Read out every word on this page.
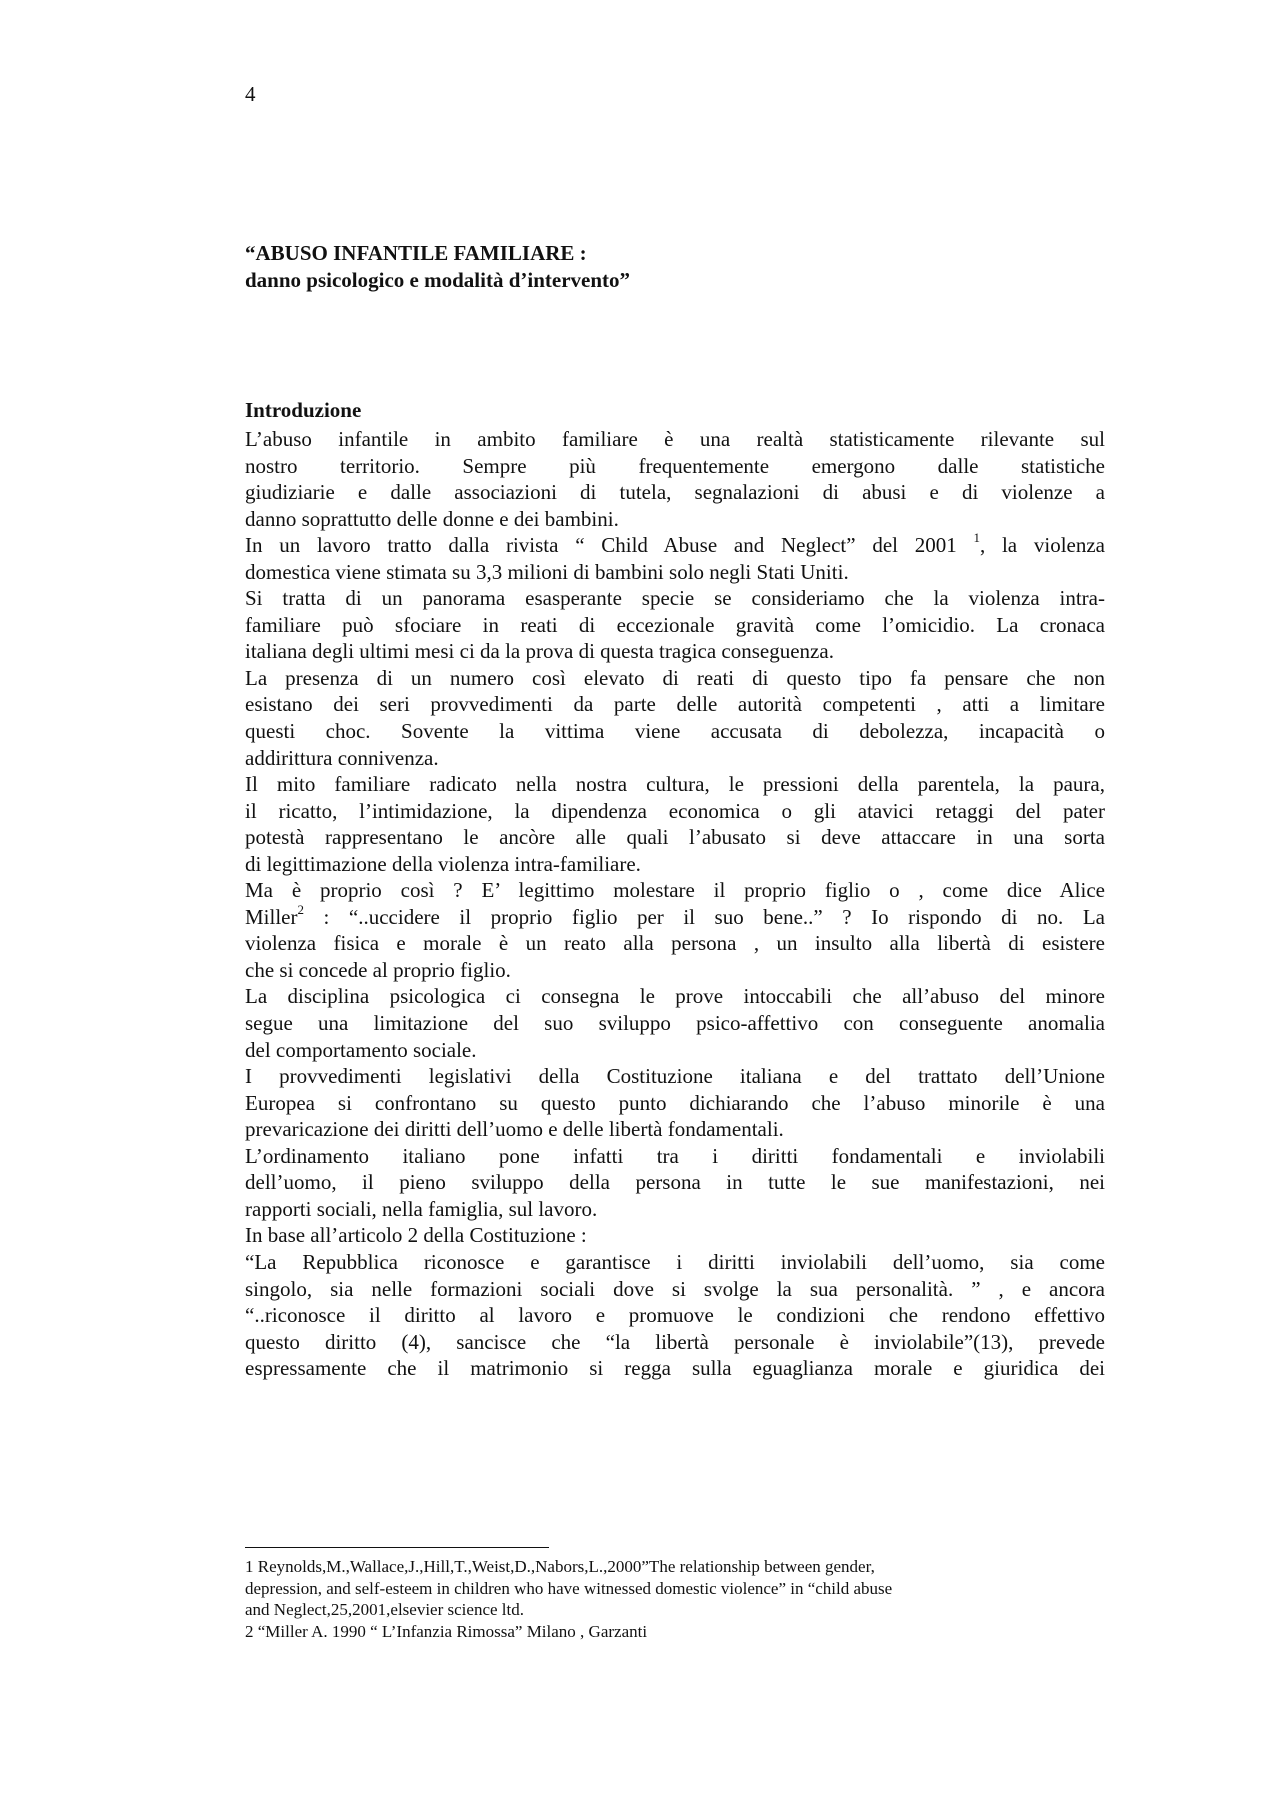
4
“ABUSO INFANTILE FAMILIARE :
danno psicologico e modalità d’intervento”
Introduzione
L’abuso infantile in ambito familiare è una realtà statisticamente rilevante sul
nostro territorio. Sempre più frequentemente emergono dalle statistiche
giudiziarie e dalle associazioni di tutela, segnalazioni di abusi e di violenze a
danno soprattutto delle donne e dei bambini.
In un lavoro tratto dalla rivista “ Child Abuse and Neglect” del 2001 $^1$, la violenza
domestica viene stimata su 3,3 milioni di bambini solo negli Stati Uniti.
Si tratta di un panorama esasperante specie se consideriamo che la violenza intra-
familiare può sfociare in reati di eccezionale gravità come l’omicidio. La cronaca
italiana degli ultimi mesi ci da la prova di questa tragica conseguenza.
La presenza di un numero così elevato di reati di questo tipo fa pensare che non
esistano dei seri provvedimenti da parte delle autorità competenti , atti a limitare
questi choc. Sovente la vittima viene accusata di debolezza, incapacità o
addirittura connivenza.
Il mito familiare radicato nella nostra cultura, le pressioni della parentela, la paura,
il ricatto, l’intimidazione, la dipendenza economica o gli atavici retaggi del pater
potestà rappresentano le ancòre alle quali l’abusato si deve attaccare in una sorta
di legittimazione della violenza intra-familiare.
Ma è proprio così ? E’ legittimo molestare il proprio figlio o , come dice Alice
Miller$^2$ : “..uccidere il proprio figlio per il suo bene..” ? Io rispondo di no. La
violenza fisica e morale è un reato alla persona , un insulto alla libertà di esistere
che si concede al proprio figlio.
La disciplina psicologica ci consegna le prove intoccabili che all’abuso del minore
segue una limitazione del suo sviluppo psico-affettivo con conseguente anomalia
del comportamento sociale.
I provvedimenti legislativi della Costituzione italiana e del trattato dell’Unione
Europea si confrontano su questo punto dichiarando che l’abuso minorile è una
prevaricazione dei diritti dell’uomo e delle libertà fondamentali.
L’ordinamento italiano pone infatti tra i diritti fondamentali e inviolabili
dell’uomo, il pieno sviluppo della persona in tutte le sue manifestazioni, nei
rapporti sociali, nella famiglia, sul lavoro.
In base all’articolo 2 della Costituzione :
“La Repubblica riconosce e garantisce i diritti inviolabili dell’uomo, sia come
singolo, sia nelle formazioni sociali dove si svolge la sua personalità. ” , e ancora
“..riconosce il diritto al lavoro e promuove le condizioni che rendono effettivo
questo diritto (4), sancisce che “la libertà personale è inviolabile”(13), prevede
espressamente che il matrimonio si regga sulla eguaglianza morale e giuridica dei
1 Reynolds,M.,Wallace,J.,Hill,T.,Weist,D.,Nabors,L.,2000”The relationship between gender,
depression, and self-esteem in children who have witnessed domestic violence” in “child abuse
and Neglect,25,2001,elsevier science ltd.
2 “Miller A. 1990 “ L’Infanzia Rimossa” Milano , Garzanti
